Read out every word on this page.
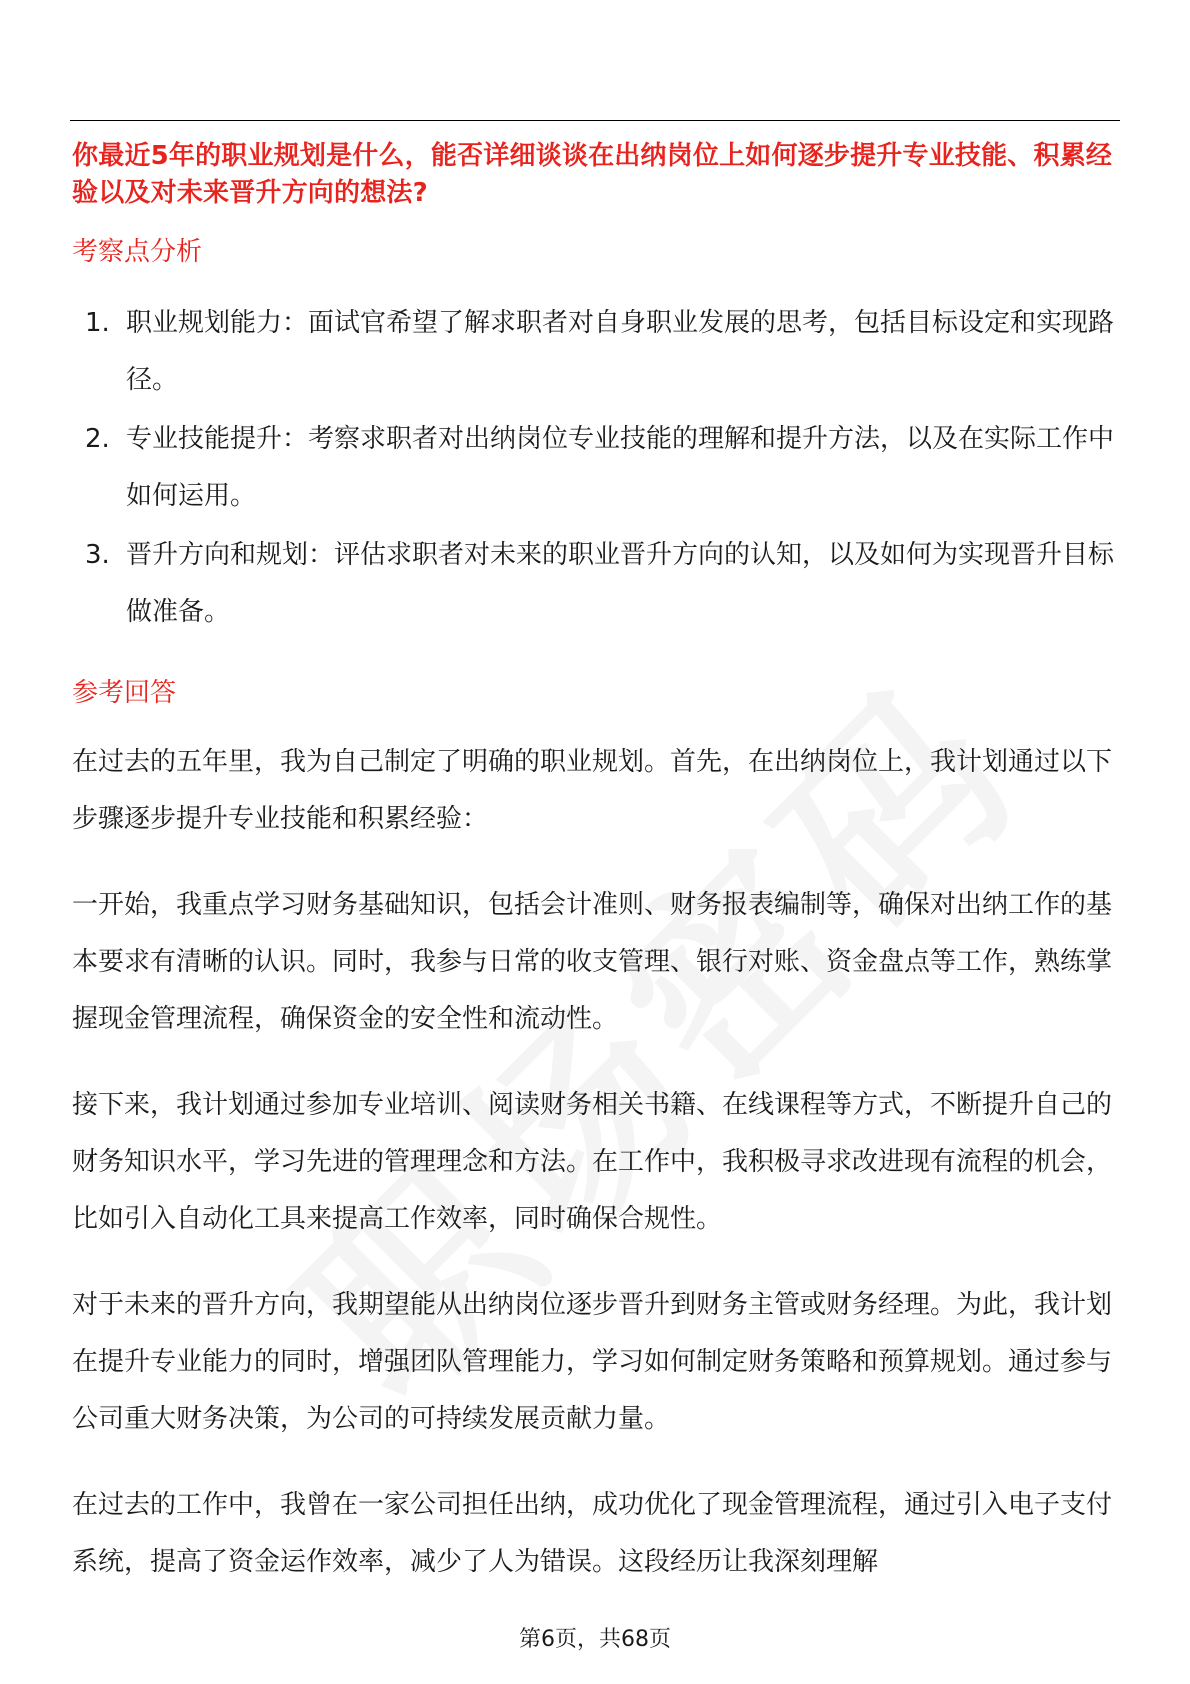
你最近5年的职业规划是什么，能否详细谈谈在出纳岗位上如何逐步提升专业技能、积累经验以及对未来晋升方向的想法?
考察点分析
1. 职业规划能力：面试官希望了解求职者对自身职业发展的思考，包括目标设定和实现路径。
2. 专业技能提升：考察求职者对出纳岗位专业技能的理解和提升方法，以及在实际工作中如何运用。
3. 晋升方向和规划：评估求职者对未来的职业晋升方向的认知，以及如何为实现晋升目标做准备。
参考回答

在过去的五年里，我为自己制定了明确的职业规划。首先，在出纳岗位上，我计划通过以下步骤逐步提升专业技能和积累经验：

一开始，我重点学习财务基础知识，包括会计准则、财务报表编制等，确保对出纳工作的基本要求有清晰的认识。同时，我参与日常的收支管理、银行对账、资金盘点等工作，熟练掌握现金管理流程，确保资金的安全性和流动性。

接下来，我计划通过参加专业培训、阅读财务相关书籍、在线课程等方式，不断提升自己的财务知识水平，学习先进的管理理念和方法。在工作中，我积极寻求改进现有流程的机会，比如引入自动化工具来提高工作效率，同时确保合规性。

对于未来的晋升方向，我期望能从出纳岗位逐步晋升到财务主管或财务经理。为此，我计划在提升专业能力的同时，增强团队管理能力，学习如何制定财务策略和预算规划。通过参与公司重大财务决策，为公司的可持续发展贡献力量。

在过去的工作中，我曾在一家公司担任出纳，成功优化了现金管理流程，通过引入电子支付系统，提高了资金运作效率，减少了人为错误。这段经历让我深刻理解

第6页，共68页
